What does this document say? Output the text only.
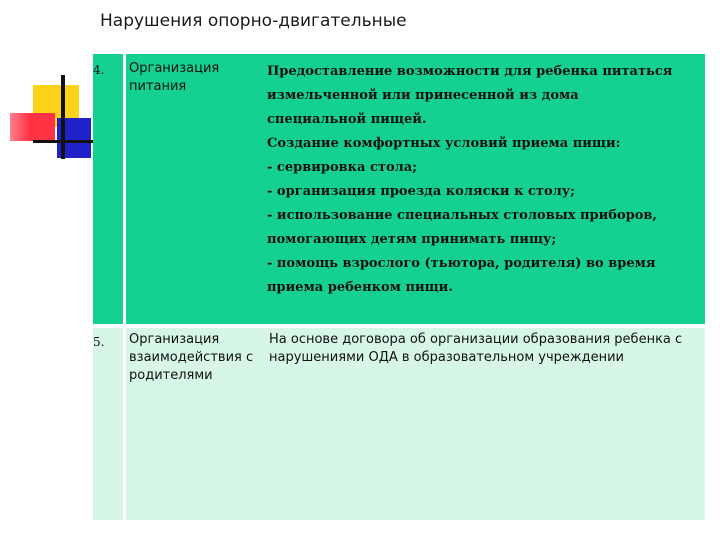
Нарушения опорно-двигательные
4. Организация питания
Предоставление возможности для ребенка питаться
измельченной или принесенной из дома
специальной пищей.
Создание комфортных условий приема пищи:
- сервировка стола;
- организация проезда коляски к столу;
- использование специальных столовых приборов,
помогающих детям принимать пищу;
- помощь взрослого (тьютора, родителя) во время
приема ребенком пищи.
5. Организация взаимодействия с родителями
На основе договора об организации образования ребенка с нарушениями ОДА в образовательном учреждении
